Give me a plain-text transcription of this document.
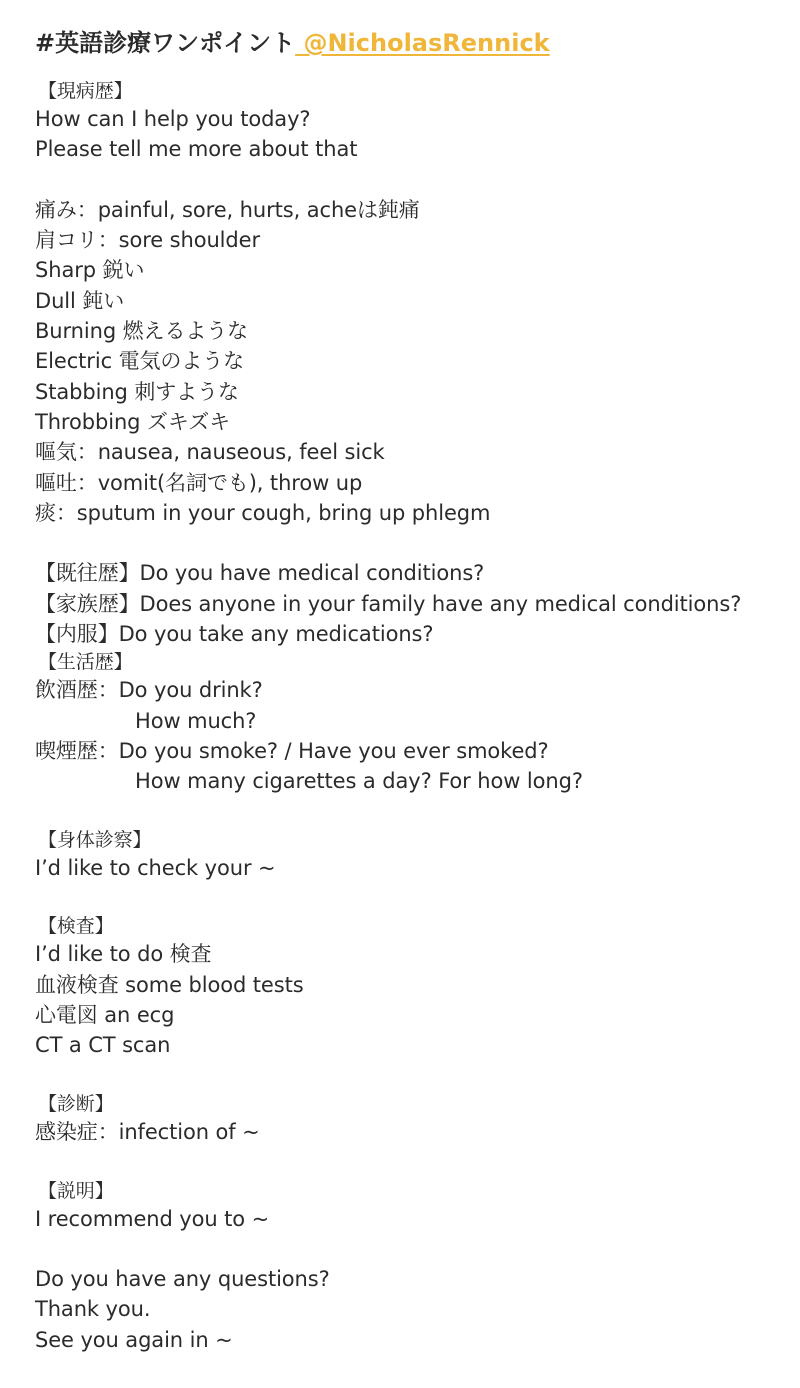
#英語診療ワンポイント @NicholasRennick
【現病歴】
How can I help you today?
Please tell me more about that
痛み：painful, sore, hurts, acheは鈍痛
肩コリ：sore shoulder
Sharp 鋭い
Dull 鈍い
Burning 燃えるような
Electric 電気のような
Stabbing 刺すような
Throbbing ズキズキ
嘔気：nausea, nauseous, feel sick
嘔吐：vomit(名詞でも), throw up
痰：sputum in your cough, bring up phlegm
【既往歴】Do you have medical conditions?
【家族歴】Does anyone in your family have any medical conditions?
【内服】Do you take any medications?
【生活歴】
飲酒歴：Do you drink?
How much?
喫煙歴：Do you smoke? / Have you ever smoked?
How many cigarettes a day? For how long?
【身体診察】
I’d like to check your ~
【検査】
I’d like to do 検査
血液検査 some blood tests
心電図 an ecg
CT a CT scan
【診断】
感染症：infection of ~
【説明】
I recommend you to ~
Do you have any questions?
Thank you.
See you again in ~
